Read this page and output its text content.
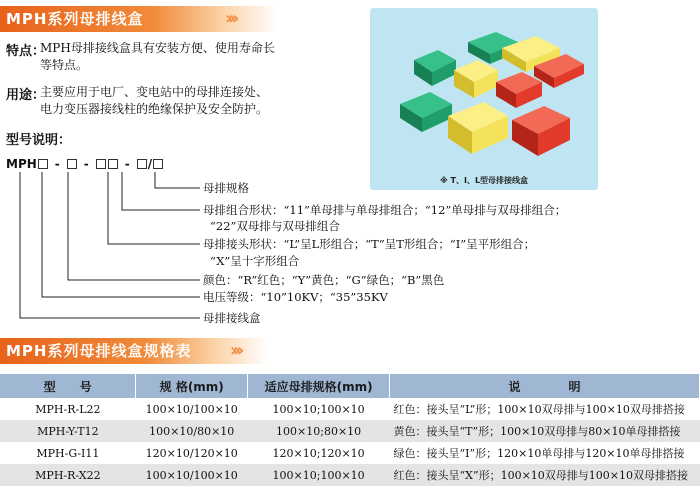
MPH系列母排线盒	›››
特点：
MPH母排接线盒具有安装方便、使用寿命长
等特点。
用途：
主要应用于电厂、变电站中的母排连接处、
电力变压器接线柱的绝缘保护及安全防护。
型号说明：
MPH - -	- /
母排规格
母排组合形状：“11”单母排与单母排组合；“12”单母排与双母排组合；
“22”双母排与双母排组合
母排接头形状：“L”呈L形组合；“T”呈T形组合；“I”呈平形组合；
“X”呈十字形组合
颜色：“R”红色；“Y”黄色；“G”绿色；“B”黑色
电压等级：“10”10KV；“35”35KV
母排接线盒
※ T、I、L型母排接线盒
MPH系列母排线盒规格表 ›››
型　　号	规 格(mm)	适应母排规格(mm)	说　　　　明
MPH-R-L22	100×10/100×10	100×10;100×10	红色：接头呈“L”形；100×10双母排与100×10双母排搭接
MPH-Y-T12	100×10/80×10	100×10;80×10	黄色：接头呈“T”形；100×10双母排与80×10单母排搭接
MPH-G-I11	120×10/120×10	120×10;120×10	绿色：接头呈“I”形；120×10单母排与120×10单母排搭接
MPH-R-X22	100×10/100×10	100×10;100×10	红色：接头呈“X”形；100×10双母排与100×10双母排搭接
